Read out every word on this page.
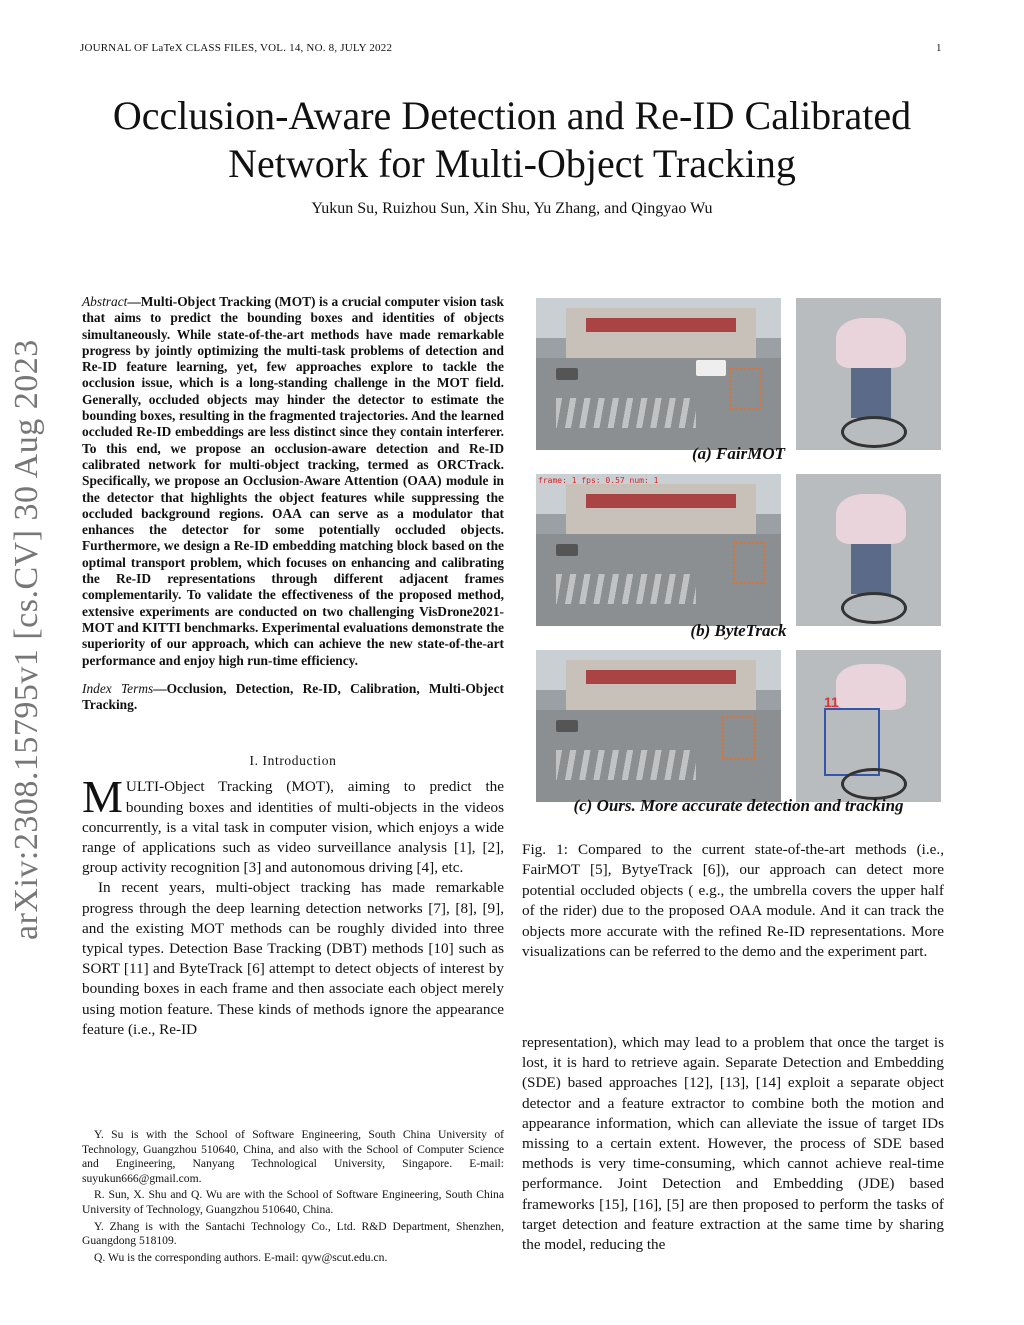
JOURNAL OF LaTeX CLASS FILES, VOL. 14, NO. 8, JULY 2022	1
arXiv:2308.15795v1 [cs.CV] 30 Aug 2023
Occlusion-Aware Detection and Re-ID Calibrated Network for Multi-Object Tracking
Yukun Su, Ruizhou Sun, Xin Shu, Yu Zhang, and Qingyao Wu
Abstract—Multi-Object Tracking (MOT) is a crucial computer vision task that aims to predict the bounding boxes and identities of objects simultaneously. While state-of-the-art methods have made remarkable progress by jointly optimizing the multi-task problems of detection and Re-ID feature learning, yet, few approaches explore to tackle the occlusion issue, which is a long-standing challenge in the MOT field. Generally, occluded objects may hinder the detector to estimate the bounding boxes, resulting in the fragmented trajectories. And the learned occluded Re-ID embeddings are less distinct since they contain interferer. To this end, we propose an occlusion-aware detection and Re-ID calibrated network for multi-object tracking, termed as ORCTrack. Specifically, we propose an Occlusion-Aware Attention (OAA) module in the detector that highlights the object features while suppressing the occluded background regions. OAA can serve as a modulator that enhances the detector for some potentially occluded objects. Furthermore, we design a Re-ID embedding matching block based on the optimal transport problem, which focuses on enhancing and calibrating the Re-ID representations through different adjacent frames complementarily. To validate the effectiveness of the proposed method, extensive experiments are conducted on two challenging VisDrone2021-MOT and KITTI benchmarks. Experimental evaluations demonstrate the superiority of our approach, which can achieve the new state-of-the-art performance and enjoy high run-time efficiency.
Index Terms—Occlusion, Detection, Re-ID, Calibration, Multi-Object Tracking.
I. Introduction
MULTI-Object Tracking (MOT), aiming to predict the bounding boxes and identities of multi-objects in the videos concurrently, is a vital task in computer vision, which enjoys a wide range of applications such as video surveillance analysis [1], [2], group activity recognition [3] and autonomous driving [4], etc.
In recent years, multi-object tracking has made remarkable progress through the deep learning detection networks [7], [8], [9], and the existing MOT methods can be roughly divided into three typical types. Detection Base Tracking (DBT) methods [10] such as SORT [11] and ByteTrack [6] attempt to detect objects of interest by bounding boxes in each frame and then associate each object merely using motion feature. These kinds of methods ignore the appearance feature (i.e., Re-ID

Y. Su is with the School of Software Engineering, South China University of Technology, Guangzhou 510640, China, and also with the School of Computer Science and Engineering, Nanyang Technological University, Singapore. E-mail: suyukun666@gmail.com.

R. Sun, X. Shu and Q. Wu are with the School of Software Engineering, South China University of Technology, Guangzhou 510640, China.

Y. Zhang is with the Santachi Technology Co., Ltd. R&D Department, Shenzhen, Guangdong 518109.

Q. Wu is the corresponding authors. E-mail: qyw@scut.edu.cn.

(a) FairMOT
frame: 1 fps: 0.57 num: 1
(b) ByteTrack
11
(c) Ours. More accurate detection and tracking
Fig. 1: Compared to the current state-of-the-art methods (i.e., FairMOT [5], BytyeTrack [6]), our approach can detect more potential occluded objects ( e.g., the umbrella covers the upper half of the rider) due to the proposed OAA module. And it can track the objects more accurate with the refined Re-ID representations. More visualizations can be referred to the demo and the experiment part.
representation), which may lead to a problem that once the target is lost, it is hard to retrieve again. Separate Detection and Embedding (SDE) based approaches [12], [13], [14] exploit a separate object detector and a feature extractor to combine both the motion and appearance information, which can alleviate the issue of target IDs missing to a certain extent. However, the process of SDE based methods is very time-consuming, which cannot achieve real-time performance. Joint Detection and Embedding (JDE) based frameworks [15], [16], [5] are then proposed to perform the tasks of target detection and feature extraction at the same time by sharing the model, reducing the
